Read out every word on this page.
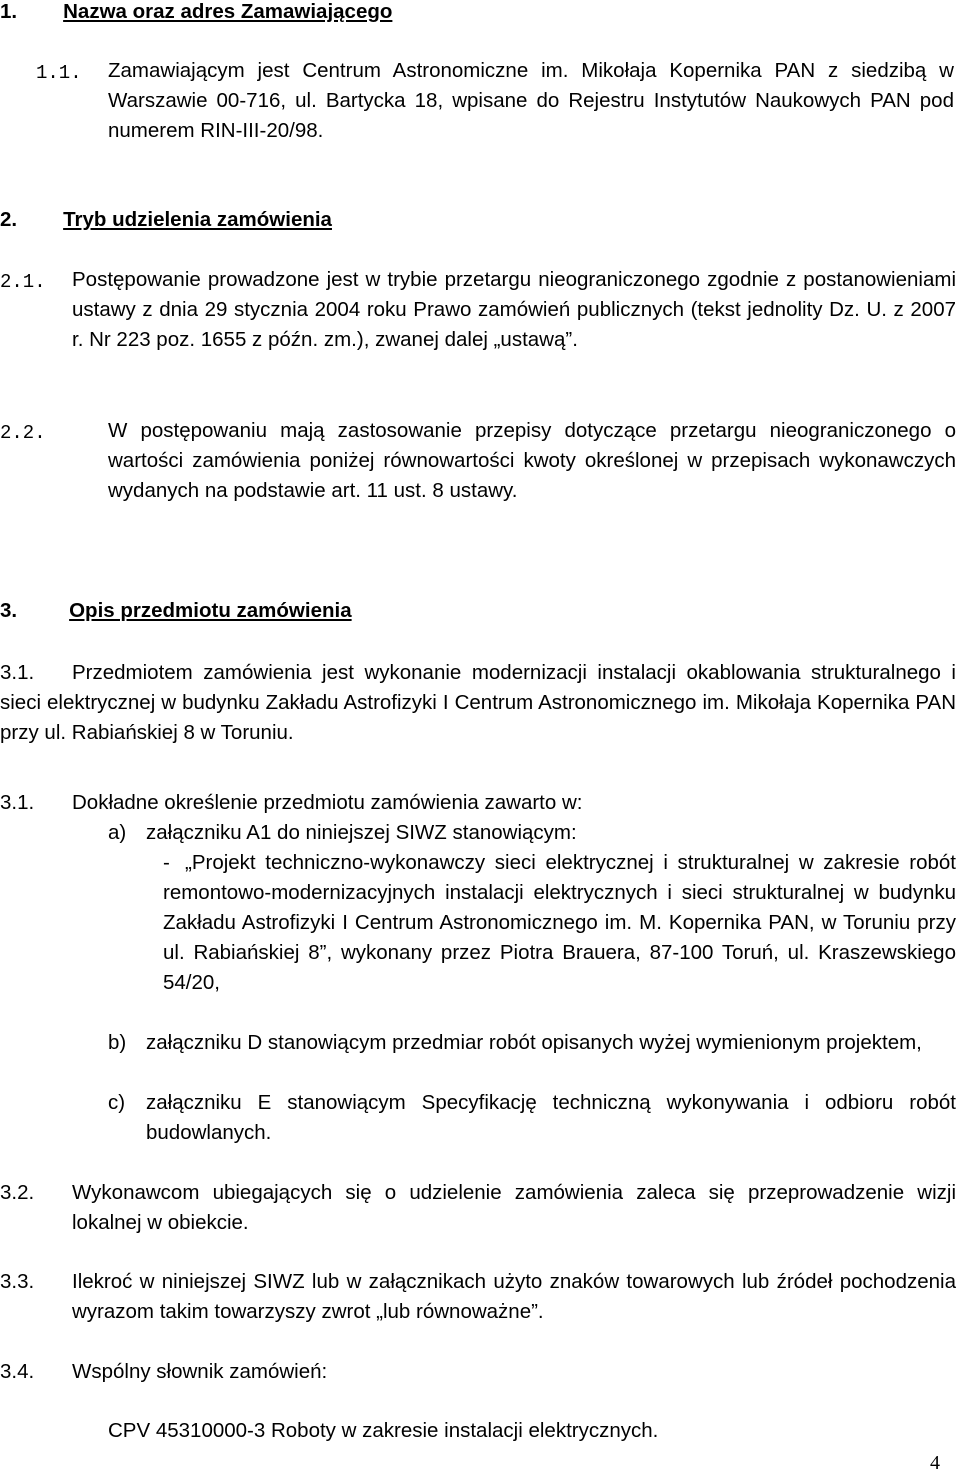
1. Nazwa oraz adres Zamawiającego
1.1. Zamawiającym jest Centrum Astronomiczne im. Mikołaja Kopernika PAN z siedzibą w Warszawie 00-716, ul. Bartycka 18, wpisane do Rejestru Instytutów Naukowych PAN pod numerem RIN-III-20/98.

2. Tryb udzielenia zamówienia
2.1. Postępowanie prowadzone jest w trybie przetargu nieograniczonego zgodnie z postanowieniami ustawy z dnia 29 stycznia 2004 roku Prawo zamówień publicznych (tekst jednolity Dz. U. z 2007 r. Nr 223 poz. 1655 z późn. zm.), zwanej dalej „ustawą”.

2.2.	W postępowaniu mają zastosowanie przepisy dotyczące przetargu nieograniczonego o wartości zamówienia poniżej równowartości kwoty określonej w przepisach wykonawczych wydanych na podstawie art. 11 ust. 8 ustawy.

3.	Opis przedmiotu zamówienia
3.1.	Przedmiotem zamówienia jest wykonanie modernizacji instalacji okablowania strukturalnego i sieci elektrycznej w budynku Zakładu Astrofizyki I Centrum Astronomicznego im. Mikołaja Kopernika PAN przy ul. Rabiańskiej 8 w Toruniu.

3.1. Dokładne określenie przedmiotu zamówienia zawarto w:

a) załączniku A1 do niniejszej SIWZ stanowiącym:

- „Projekt techniczno-wykonawczy sieci elektrycznej i strukturalnej w zakresie robót remontowo-modernizacyjnych instalacji elektrycznych i sieci strukturalnej w budynku Zakładu Astrofizyki I Centrum Astronomicznego im. M. Kopernika PAN, w Toruniu przy ul. Rabiańskiej 8”, wykonany przez Piotra Brauera, 87-100 Toruń, ul. Kraszewskiego 54/20,

b) załączniku D stanowiącym przedmiar robót opisanych wyżej wymienionym projektem,

c) załączniku E stanowiącym Specyfikację techniczną wykonywania i odbioru robót budowlanych.

3.2. Wykonawcom ubiegających się o udzielenie zamówienia zaleca się przeprowadzenie wizji lokalnej w obiekcie.

3.3. Ilekroć w niniejszej SIWZ lub w załącznikach użyto znaków towarowych lub źródeł pochodzenia wyrazom takim towarzyszy zwrot „lub równoważne”.

3.4. Wspólny słownik zamówień:

CPV 45310000-3 Roboty w zakresie instalacji elektrycznych.

4
